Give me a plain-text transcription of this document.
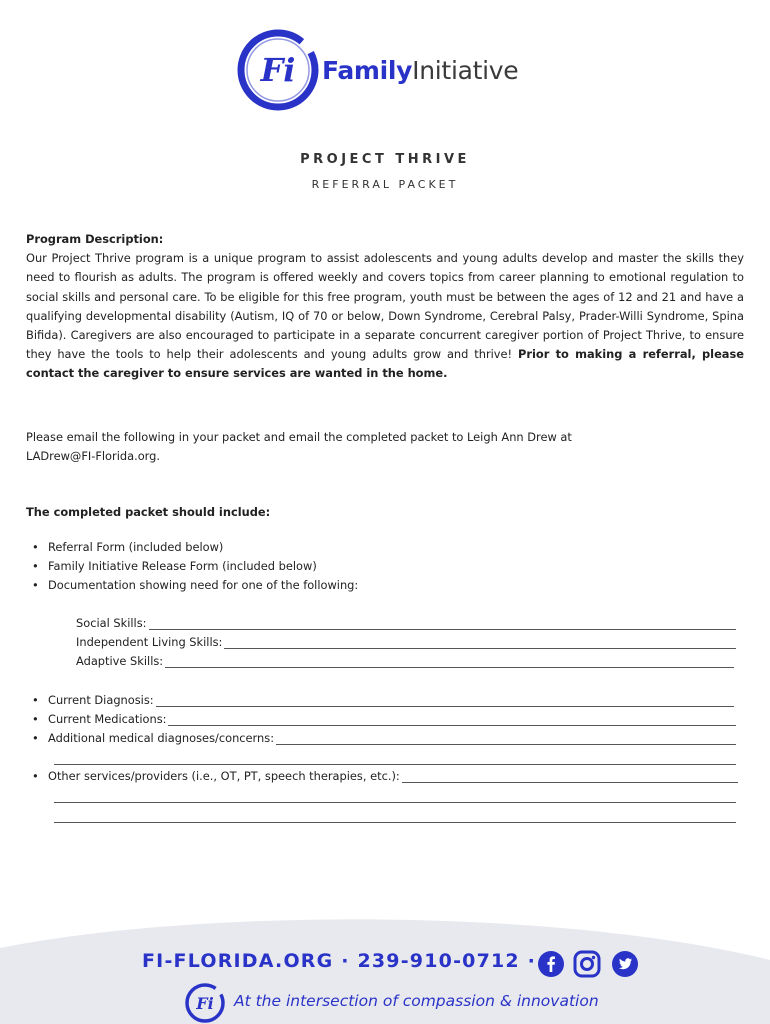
Fi FamilyInitiative
PROJECT THRIVE
REFERRAL PACKET
Program Description:
Our Project Thrive program is a unique program to assist adolescents and young adults develop and master the skills they need to flourish as adults. The program is offered weekly and covers topics from career planning to emotional regulation to social skills and personal care. To be eligible for this free program, youth must be between the ages of 12 and 21 and have a qualifying developmental disability (Autism, IQ of 70 or below, Down Syndrome, Cerebral Palsy, Prader-Willi Syndrome, Spina Bifida). Caregivers are also encouraged to participate in a separate concurrent caregiver portion of Project Thrive, to ensure they have the tools to help their adolescents and young adults grow and thrive! Prior to making a referral, please contact the caregiver to ensure services are wanted in the home.
Please email the following in your packet and email the completed packet to Leigh Ann Drew at
LADrew@FI-Florida.org.
The completed packet should include:
• Referral Form (included below)
• Family Initiative Release Form (included below)
• Documentation showing need for one of the following:
Social Skills:
Independent Living Skills:
Adaptive Skills:
• Current Diagnosis:
• Current Medications:
• Additional medical diagnoses/concerns:
• Other services/providers (i.e., OT, PT, speech therapies, etc.):
FI-FLORIDA.ORG · 239-910-0712 ·
Fi At the intersection of compassion & innovation
